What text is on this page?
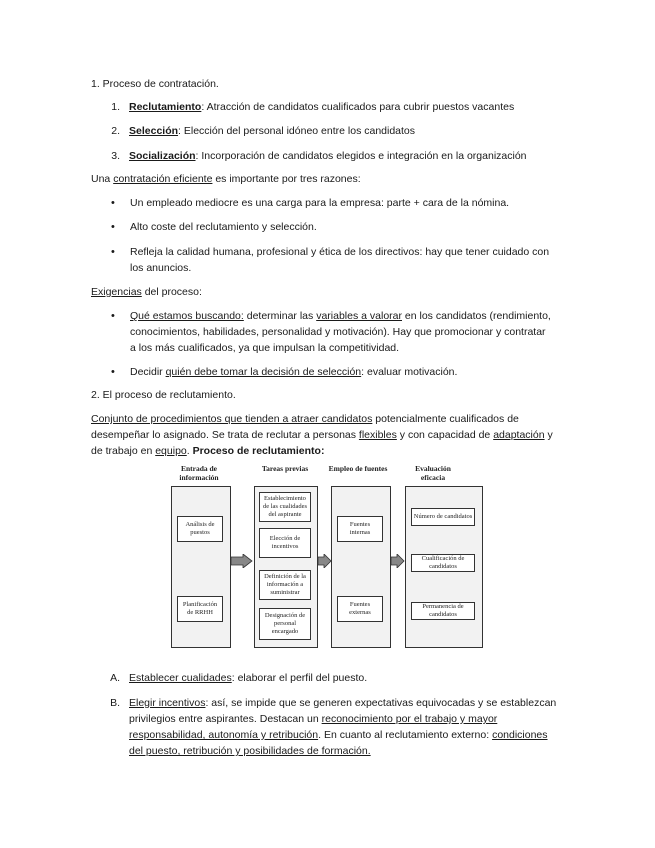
1. Proceso de contratación.
1. Reclutamiento: Atracción de candidatos cualificados para cubrir puestos vacantes
2. Selección: Elección del personal idóneo entre los candidatos
3. Socialización: Incorporación de candidatos elegidos e integración en la organización
Una contratación eficiente es importante por tres razones:
• Un empleado mediocre es una carga para la empresa: parte + cara de la nómina.
• Alto coste del reclutamiento y selección.
• Refleja la calidad humana, profesional y ética de los directivos: hay que tener cuidado con
los anuncios.
Exigencias del proceso:
• Qué estamos buscando: determinar las variables a valorar en los candidatos (rendimiento,
conocimientos, habilidades, personalidad y motivación). Hay que promocionar y contratar
a los más cualificados, ya que impulsan la competitividad.
• Decidir quién debe tomar la decisión de selección: evaluar motivación.
2. El proceso de reclutamiento.
Conjunto de procedimientos que tienden a atraer candidatos potencialmente cualificados de
desempeñar lo asignado. Se trata de reclutar a personas flexibles y con capacidad de adaptación y
de trabajo en equipo. Proceso de reclutamiento:
Entrada de información
Tareas previas	Empleo de fuentes	Evaluación eficacia
Análisis de puestos
Planificación de RRHH
Establecimiento de las cualidades del aspirante
Elección de incentivos
Definición de la información a suministrar
Designación de personal encargado
Fuentes internas
Fuentes externas
Número de candidatos
Cualificación de candidatos
Permanencia de candidatos
A. Establecer cualidades: elaborar el perfil del puesto.
B. Elegir incentivos: así, se impide que se generen expectativas equivocadas y se establezcan
privilegios entre aspirantes. Destacan un reconocimiento por el trabajo y mayor
responsabilidad, autonomía y retribución. En cuanto al reclutamiento externo: condiciones
del puesto, retribución y posibilidades de formación.
